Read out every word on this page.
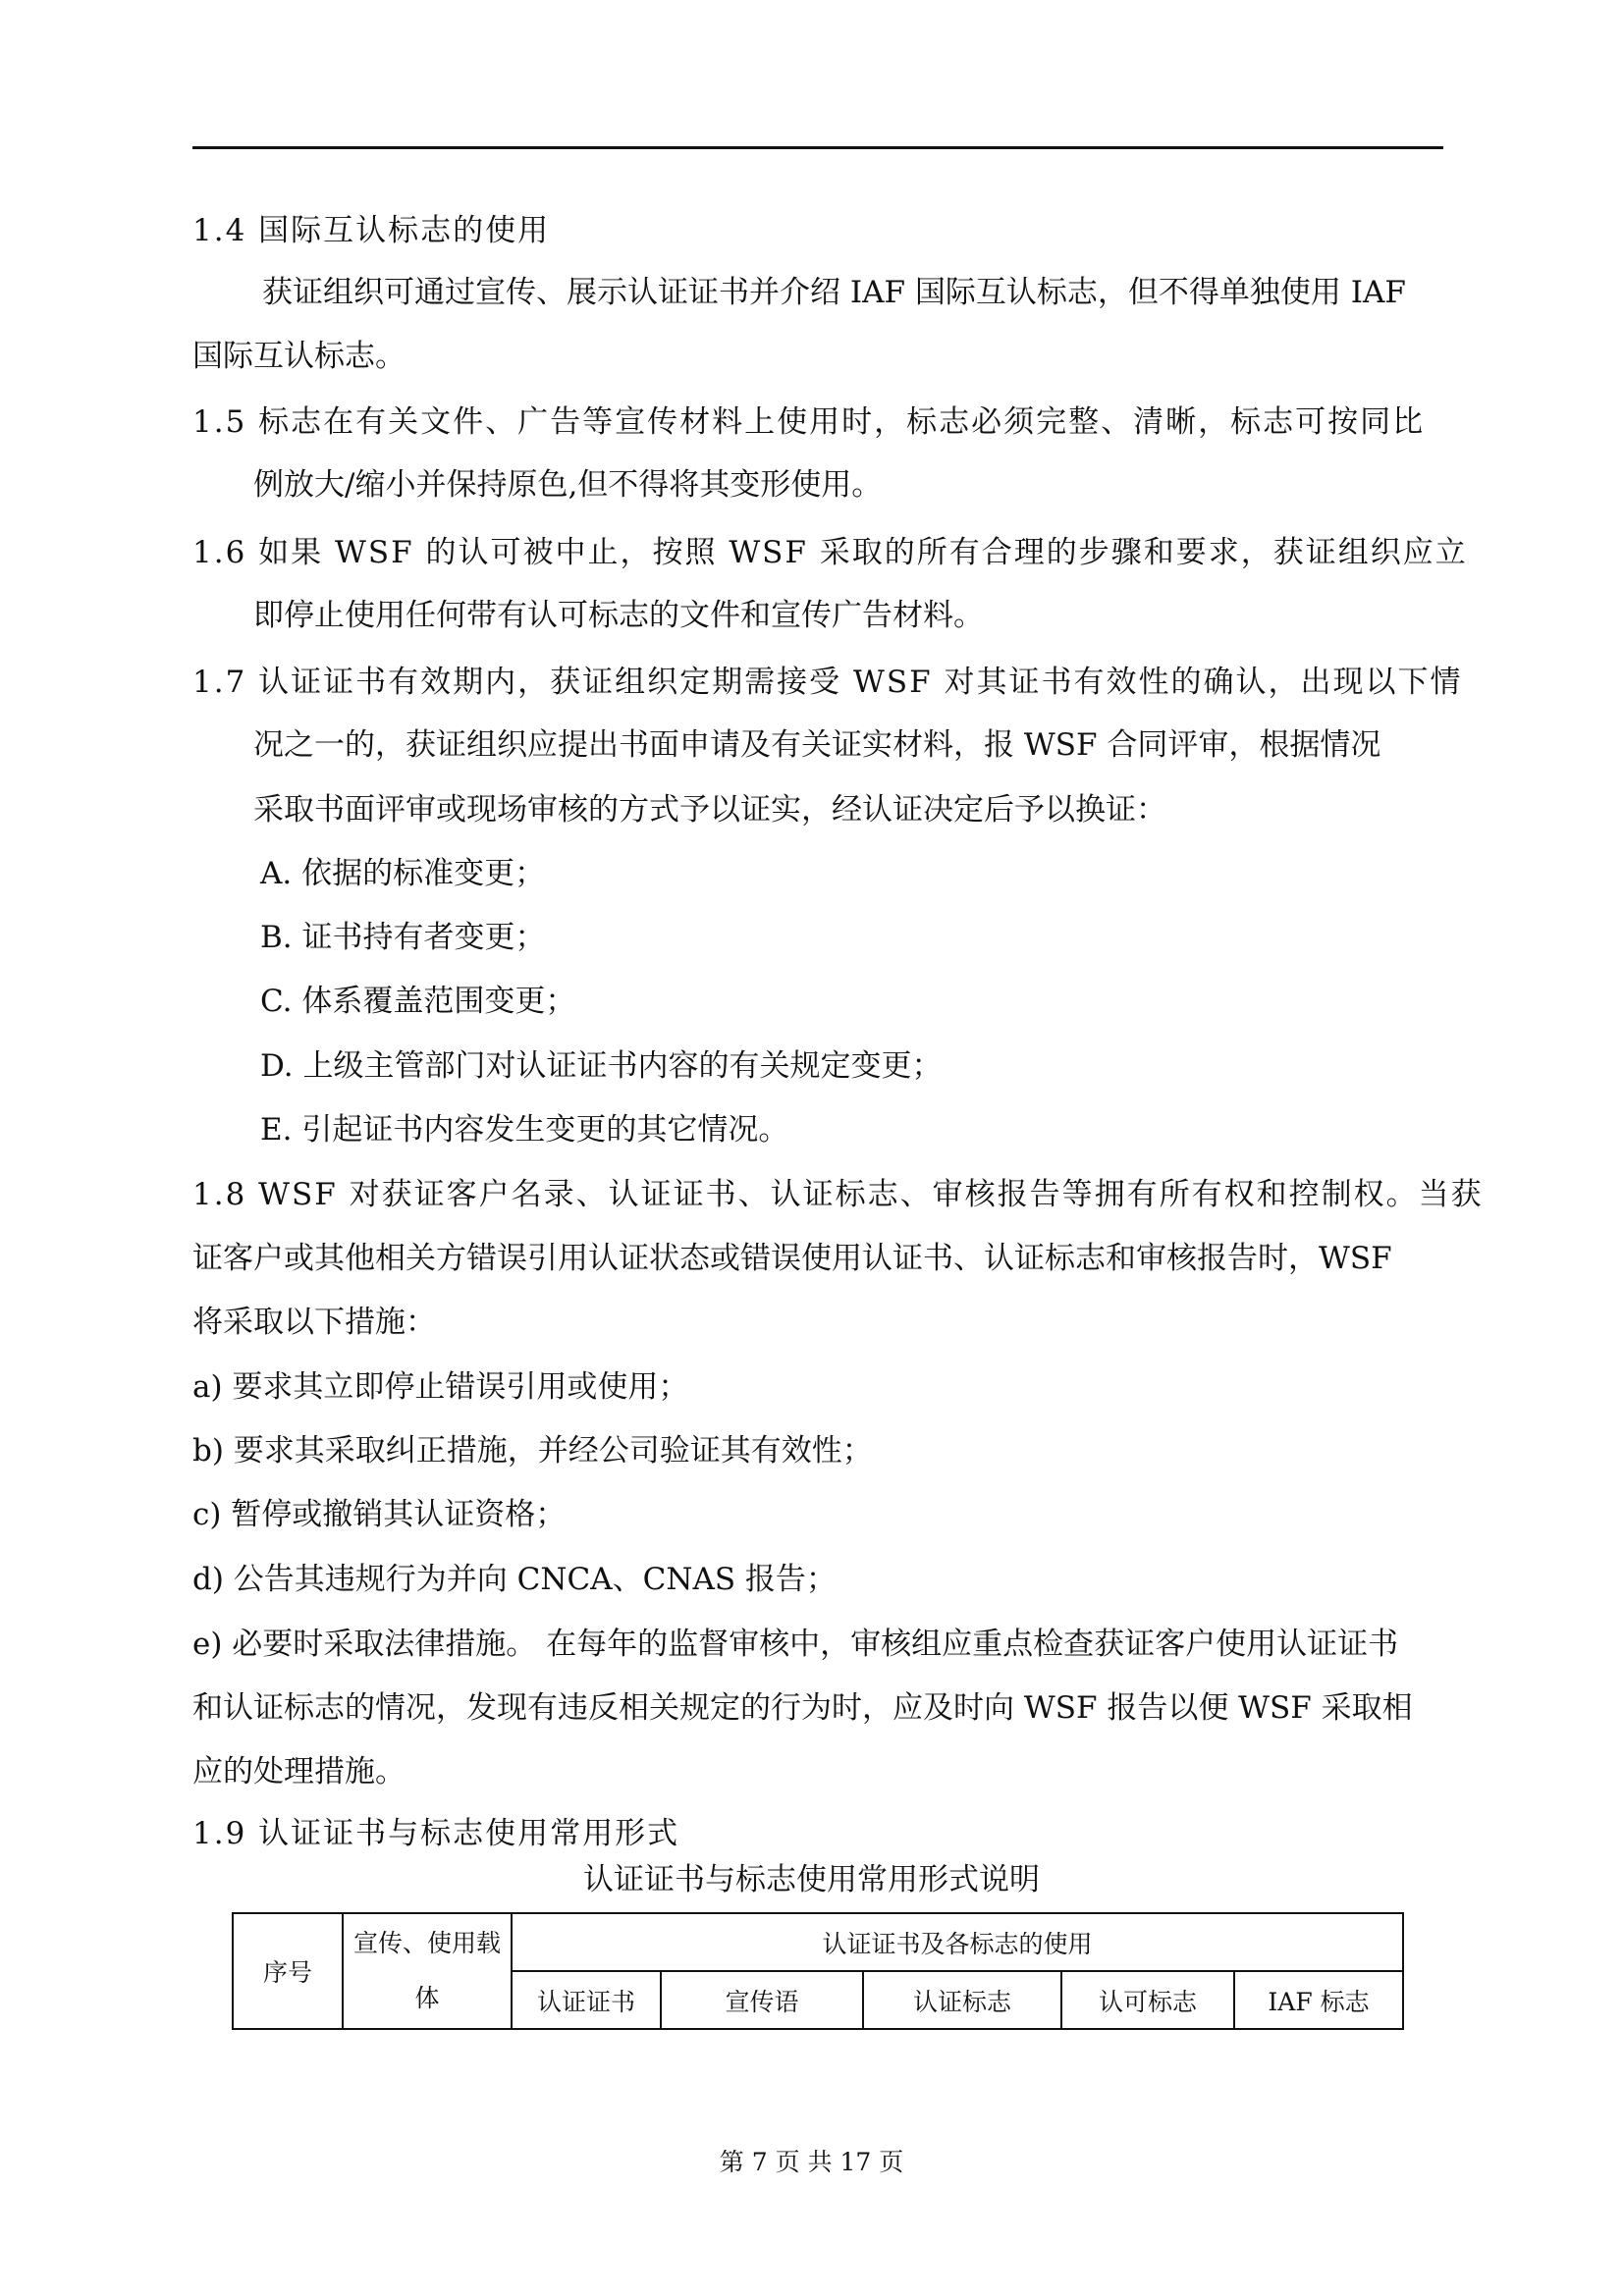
1.4 国际互认标志的使用
获证组织可通过宣传、展示认证证书并介绍 IAF 国际互认标志，但不得单独使用 IAF
国际互认标志。
1.5 标志在有关文件、广告等宣传材料上使用时，标志必须完整、清晰，标志可按同比
例放大/缩小并保持原色,但不得将其变形使用。
1.6 如果 WSF 的认可被中止，按照 WSF 采取的所有合理的步骤和要求，获证组织应立
即停止使用任何带有认可标志的文件和宣传广告材料。
1.7 认证证书有效期内，获证组织定期需接受 WSF 对其证书有效性的确认，出现以下情
况之一的，获证组织应提出书面申请及有关证实材料，报 WSF 合同评审，根据情况
采取书面评审或现场审核的方式予以证实，经认证决定后予以换证：
A. 依据的标准变更；
B. 证书持有者变更；
C. 体系覆盖范围变更；
D. 上级主管部门对认证证书内容的有关规定变更；
E. 引起证书内容发生变更的其它情况。
1.8 WSF 对获证客户名录、认证证书、认证标志、审核报告等拥有所有权和控制权。当获
证客户或其他相关方错误引用认证状态或错误使用认证书、认证标志和审核报告时，WSF
将采取以下措施：
a) 要求其立即停止错误引用或使用；
b) 要求其采取纠正措施，并经公司验证其有效性；
c) 暂停或撤销其认证资格；
d) 公告其违规行为并向 CNCA、CNAS 报告；
e) 必要时采取法律措施。 在每年的监督审核中，审核组应重点检查获证客户使用认证证书
和认证标志的情况，发现有违反相关规定的行为时，应及时向 WSF 报告以便 WSF 采取相
应的处理措施。
1.9 认证证书与标志使用常用形式
认证证书与标志使用常用形式说明
序号	宣传、使用载体	认证证书及各标志的使用				
		认证证书	宣传语	认证标志	认可标志	IAF 标志
第 7 页 共 17 页
